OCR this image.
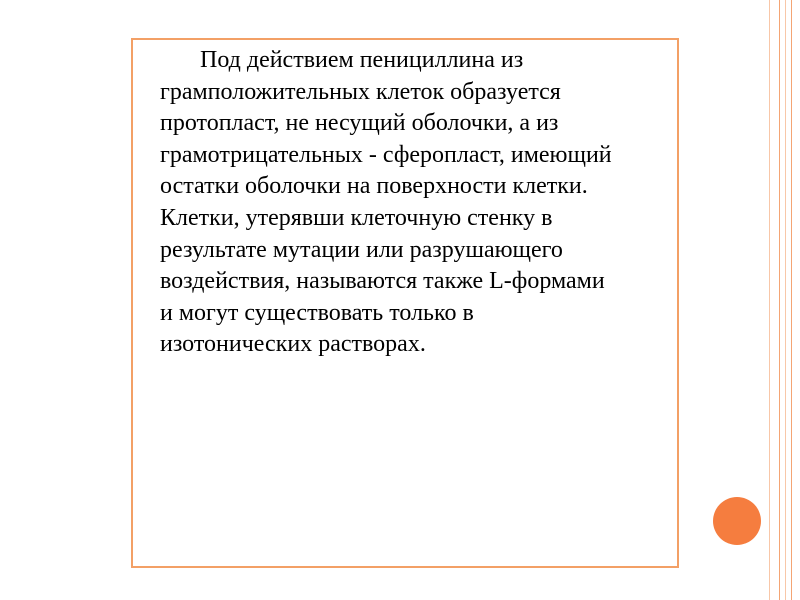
Под действием пенициллина из
грамположительных клеток образуется
протопласт, не несущий оболочки, а из
грамотрицательных - сферопласт, имеющий
остатки оболочки на поверхности клетки.
Клетки, утерявши клеточную стенку в
результате мутации или разрушающего
воздействия, называются также L-формами
и могут существовать только в
изотонических растворах.
